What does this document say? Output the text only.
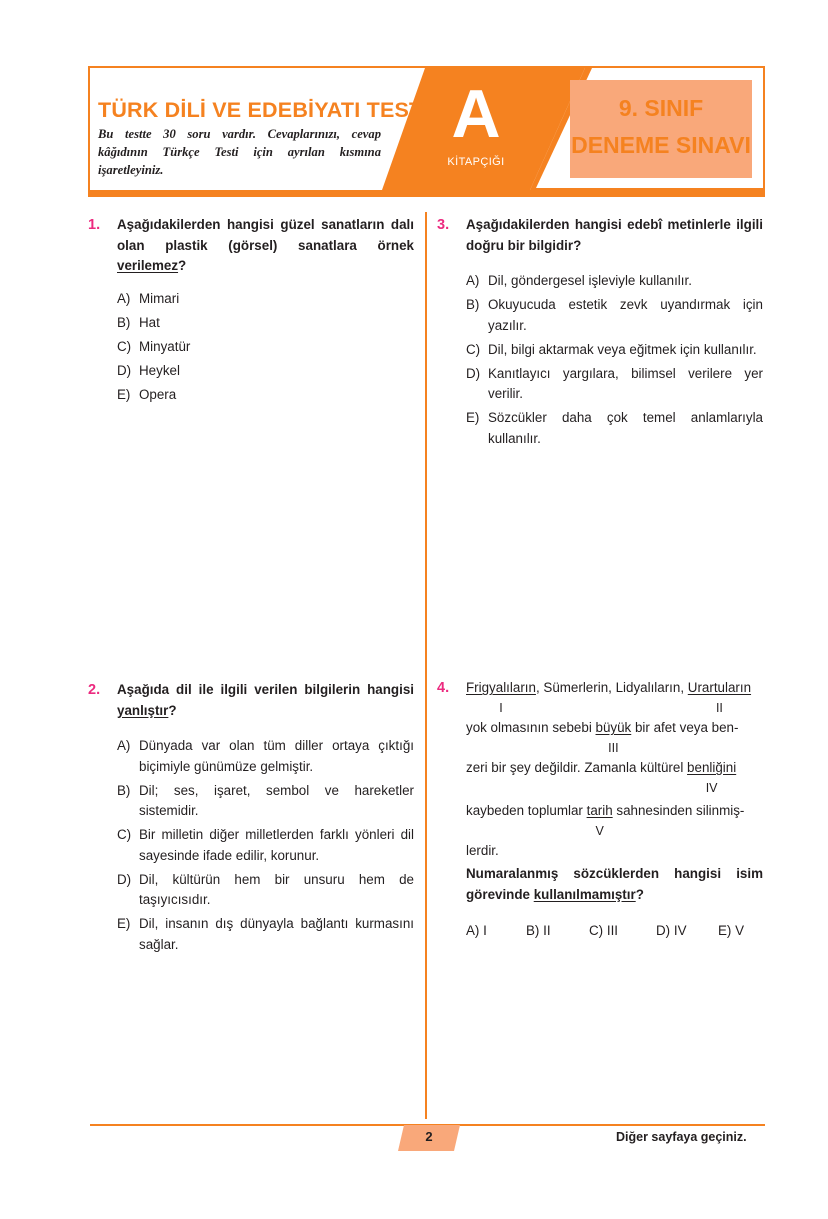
TÜRK DİLİ VE EDEBİYATI TESTİ
Bu testte 30 soru vardır. Cevaplarınızı, cevap kâğıdının Türkçe Testi için ayrılan kısmına işaretleyiniz.
A
KİTAPÇIĞI
9. SINIF
DENEME SINAVI
1. Aşağıdakilerden hangisi güzel sanatların dalı olan plastik (görsel) sanatlara örnek verilemez?
A) Mimari
B) Hat
C) Minyatür
D) Heykel
E) Opera
2. Aşağıda dil ile ilgili verilen bilgilerin hangisi yanlıştır?
A) Dünyada var olan tüm diller ortaya çıktığı biçimiyle günümüze gelmiştir.
B) Dil; ses, işaret, sembol ve hareketler sistemidir.
C) Bir milletin diğer milletlerden farklı yönleri dil sayesinde ifade edilir, korunur.
D) Dil, kültürün hem bir unsuru hem de taşıyıcısıdır.
E) Dil, insanın dış dünyayla bağlantı kurmasını sağlar.
3. Aşağıdakilerden hangisi edebî metinlerle ilgili doğru bir bilgidir?
A) Dil, göndergesel işleviyle kullanılır.
B) Okuyucuda estetik zevk uyandırmak için yazılır.
C) Dil, bilgi aktarmak veya eğitmek için kullanılır.
D) Kanıtlayıcı yargılara, bilimsel verilere yer verilir.
E) Sözcükler daha çok temel anlamlarıyla kullanılır.
4. Frigyalıların
I
, Sümerlerin, Lidyalıların, Urartuların
II
yok olmasının sebebi büyük
III
bir afet veya ben-
zeri bir şey değildir. Zamanla kültürel benliğini
IV
kaybeden toplumlar tarih
V
sahnesinden silinmiş-
lerdir.
Numaralanmış sözcüklerden hangisi isim görevinde kullanılmamıştır?
A) I	B) II	C) III	D) IV E) V
2	Diğer sayfaya geçiniz.
